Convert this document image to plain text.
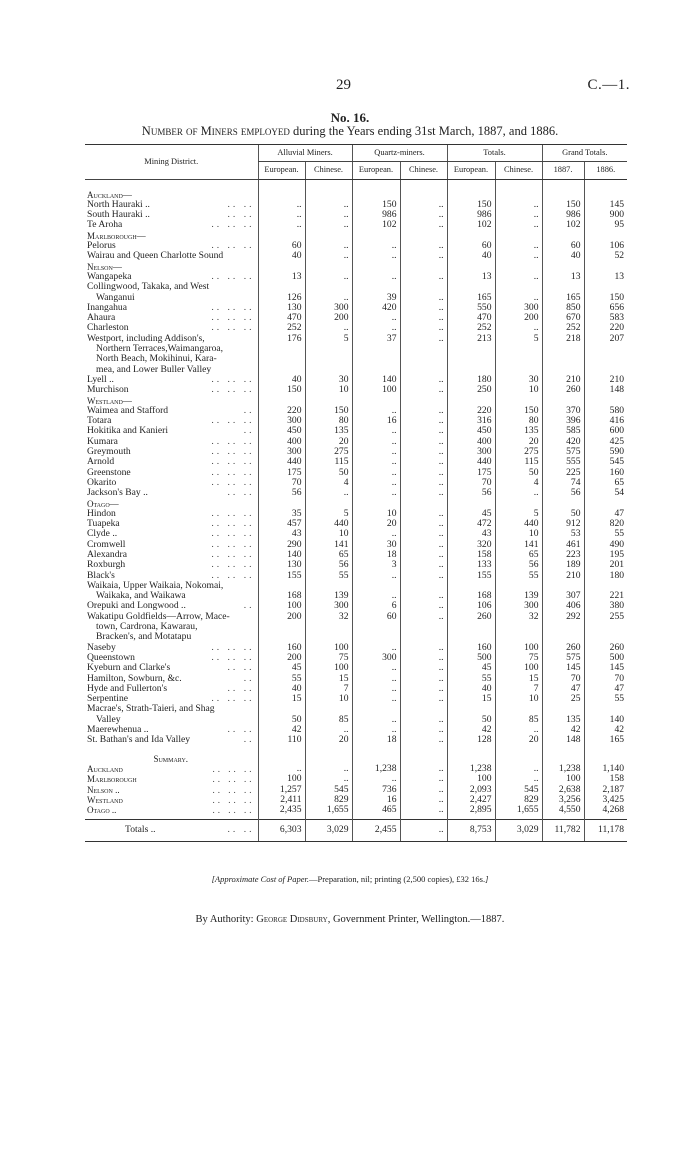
29	C.—1.
No. 16.
Number of Miners employed during the Years ending 31st March, 1887, and 1886.
Mining District.	Alluvial Miners.		Quartz-miners.		Totals.		Grand Totals.	
	European.	Chinese.	European.	Chinese.	European.	Chinese.	1887.	1886.

Auckland—								
North Hauraki .. .. ..	..	..	150	..	150	..	150	145
South Hauraki .. .. ..	..	..	986	..	986	..	986	900
Te Aroha .. .. ..	..	..	102	..	102	..	102	95
Marlborough—								
Pelorus .. .. ..	60	..	..	..	60	..	60	106
Wairau and Queen Charlotte Sound	40	..	..	..	40	..	40	52
Nelson—								
Wangapeka .. .. ..	13	..	..	..	13	..	13	13

Collingwood, Takaka, and West
Wanganui	126	..	39	..	165	..	165	150
Inangahua .. .. ..	130	300	420	..	550	300	850	656
Ahaura .. .. ..	470	200	..	..	470	200	670	583
Charleston .. .. ..	252	..	..	..	252	..	252	220

Westport, including Addison's,
Northern Terraces,Waimangaroa,
North Beach, Mokihinui, Kara-
mea, and Lower Buller Valley	176	5	37	..	213	5	218	207
Lyell .. .. .. ..	40	30	140	..	180	30	210	210
Murchison .. .. ..	150	10	100	..	250	10	260	148
Westland—								
Waimea and Stafford ..	220	150	..	..	220	150	370	580
Totara .. .. ..	300	80	16	..	316	80	396	416
Hokitika and Kanieri ..	450	135	..	..	450	135	585	600
Kumara .. .. ..	400	20	..	..	400	20	420	425
Greymouth .. .. ..	300	275	..	..	300	275	575	590
Arnold .. .. ..	440	115	..	..	440	115	555	545
Greenstone .. .. ..	175	50	..	..	175	50	225	160
Okarito .. .. ..	70	4	..	..	70	4	74	65
Jackson's Bay .. .. ..	56	..	..	..	56	..	56	54
Otago—								
Hindon .. .. ..	35	5	10	..	45	5	50	47
Tuapeka .. .. ..	457	440	20	..	472	440	912	820
Clyde .. .. .. ..	43	10	..	..	43	10	53	55
Cromwell .. .. ..	290	141	30	..	320	141	461	490
Alexandra .. .. ..	140	65	18	..	158	65	223	195
Roxburgh .. .. ..	130	56	3	..	133	56	189	201
Black's .. .. ..	155	55	..	..	155	55	210	180

Waikaia, Upper Waikaia, Nokomai,
Waikaka, and Waikawa	168	139	..	..	168	139	307	221
Orepuki and Longwood .. ..	100	300	6	..	106	300	406	380

Wakatipu Goldfields—Arrow, Mace-
town, Cardrona, Kawarau,
Bracken's, and Motatapu	200	32	60	..	260	32	292	255
Naseby .. .. ..	160	100	..	..	160	100	260	260
Queenstown .. .. ..	200	75	300	..	500	75	575	500
Kyeburn and Clarke's .. ..	45	100	..	..	45	100	145	145
Hamilton, Sowburn, &c. ..	55	15	..	..	55	15	70	70
Hyde and Fullerton's .. ..	40	7	..	..	40	7	47	47
Serpentine .. .. ..	15	10	..	..	15	10	25	55

Macrae's, Strath-Taieri, and Shag
Valley	50	85	..	..	50	85	135	140
Maerewhenua .. .. ..	42	..	..	..	42	..	42	42
St. Bathan's and Ida Valley ..	110	20	18	..	128	20	148	165
Summary.								
Auckland .. .. ..	..	..	1,238	..	1,238	..	1,238	1,140
Marlborough .. .. ..	100	..	..	..	100	..	100	158
Nelson .. .. .. ..	1,257	545	736	..	2,093	545	2,638	2,187
Westland .. .. ..	2,411	829	16	..	2,427	829	3,256	3,425
Otago .. .. .. ..	2,435	1,655	465	..	2,895	1,655	4,550	4,268

Totals .. .. ..	6,303	3,029	2,455	..	8,753	3,029	11,782	11,178
[Approximate Cost of Paper.—Preparation, nil; printing (2,500 copies), £32 16s.]
By Authority: George Didsbury, Government Printer, Wellington.—1887.
